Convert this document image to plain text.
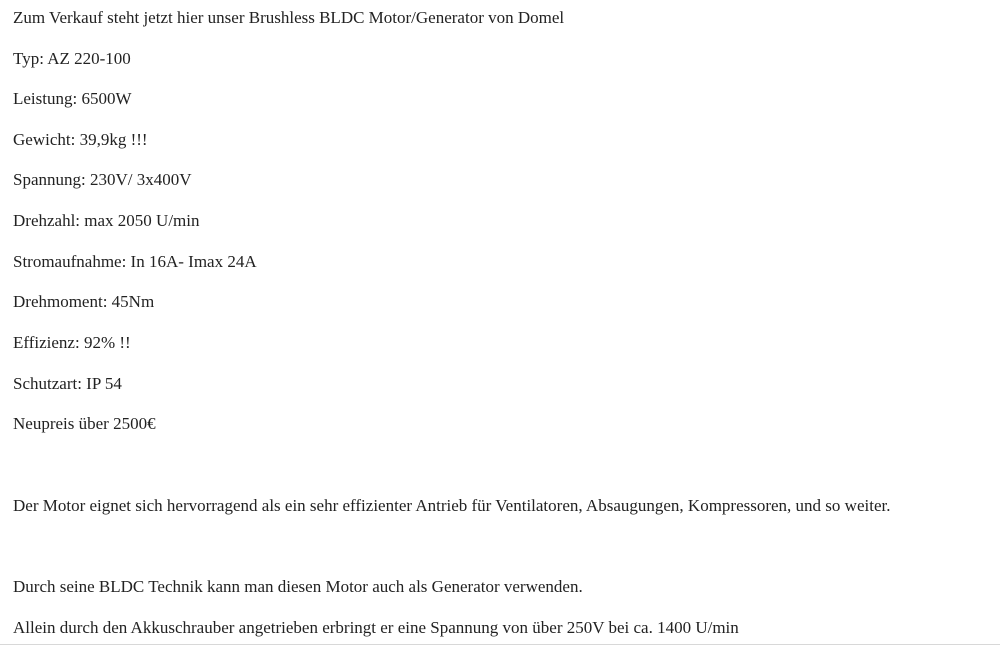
Zum Verkauf steht jetzt hier unser Brushless BLDC Motor/Generator von Domel

Typ: AZ 220-100

Leistung: 6500W

Gewicht: 39,9kg !!!

Spannung: 230V/ 3x400V

Drehzahl: max 2050 U/min

Stromaufnahme: In 16A- Imax 24A

Drehmoment: 45Nm

Effizienz: 92% !!

Schutzart: IP 54

Neupreis über 2500€

Der Motor eignet sich hervorragend als ein sehr effizienter Antrieb für Ventilatoren, Absaugungen, Kompressoren, und so weiter.

Durch seine BLDC Technik kann man diesen Motor auch als Generator verwenden.

Allein durch den Akkuschrauber angetrieben erbringt er eine Spannung von über 250V bei ca. 1400 U/min
